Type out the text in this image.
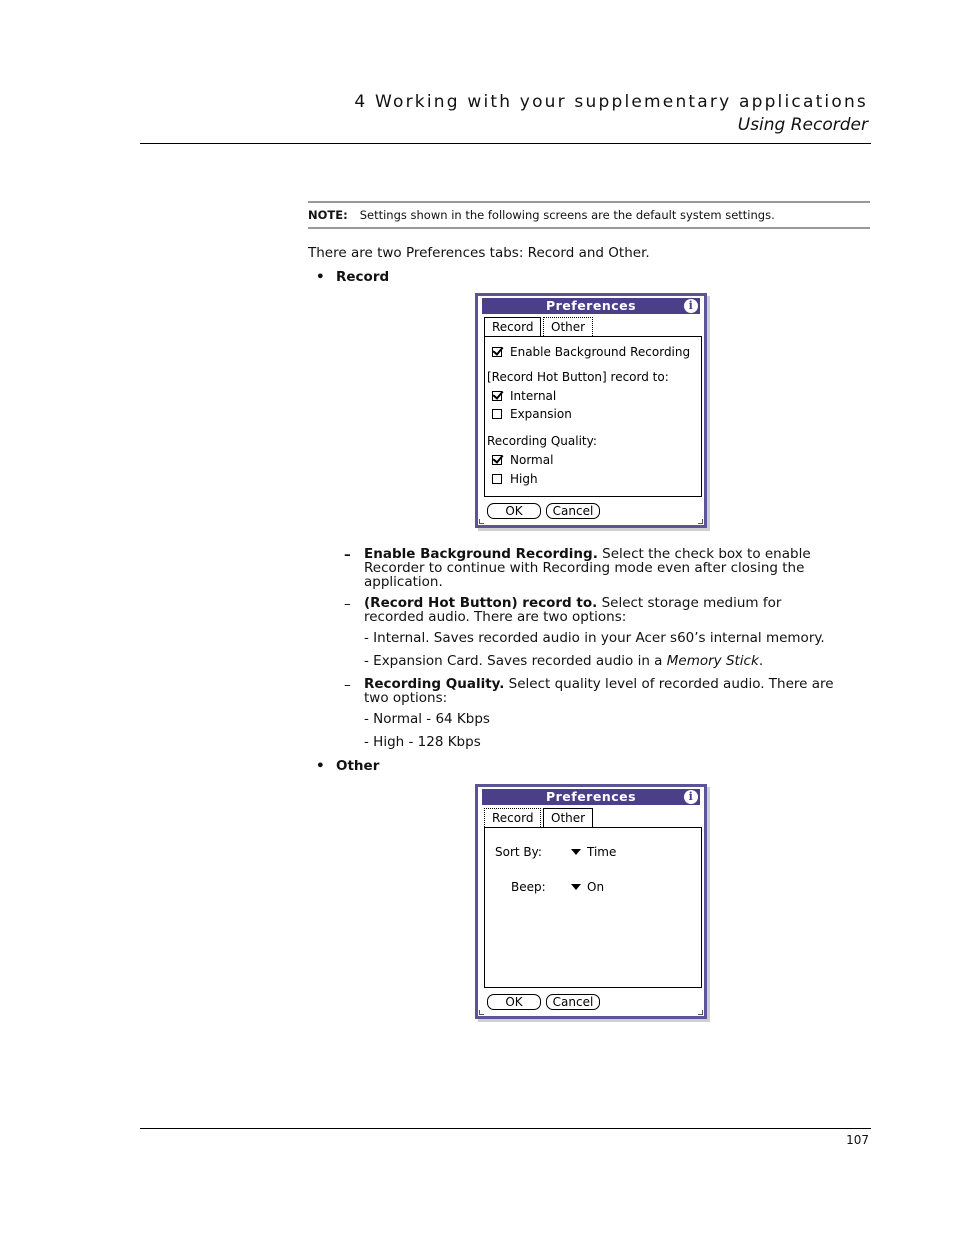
4 Working with your supplementary applications
Using Recorder
NOTE: Settings shown in the following screens are the default system settings.
There are two Preferences tabs: Record and Other.
• Record
Preferences	i
Record	Other
Enable Background Recording
[Record Hot Button] record to:
Internal
Expansion
Recording Quality:
Normal
High
OK	Cancel
– Enable Background Recording. Select the check box to enable Recorder to continue with Recording mode even after closing the application.
– (Record Hot Button) record to. Select storage medium for recorded audio. There are two options:
- Internal. Saves recorded audio in your Acer s60’s internal memory.
- Expansion Card. Saves recorded audio in a Memory Stick.
– Recording Quality. Select quality level of recorded audio. There are two options:
- Normal - 64 Kbps
- High - 128 Kbps
• Other
Preferences	i
Record	Other
Sort By:	Time
Beep:	On
OK	Cancel
107
